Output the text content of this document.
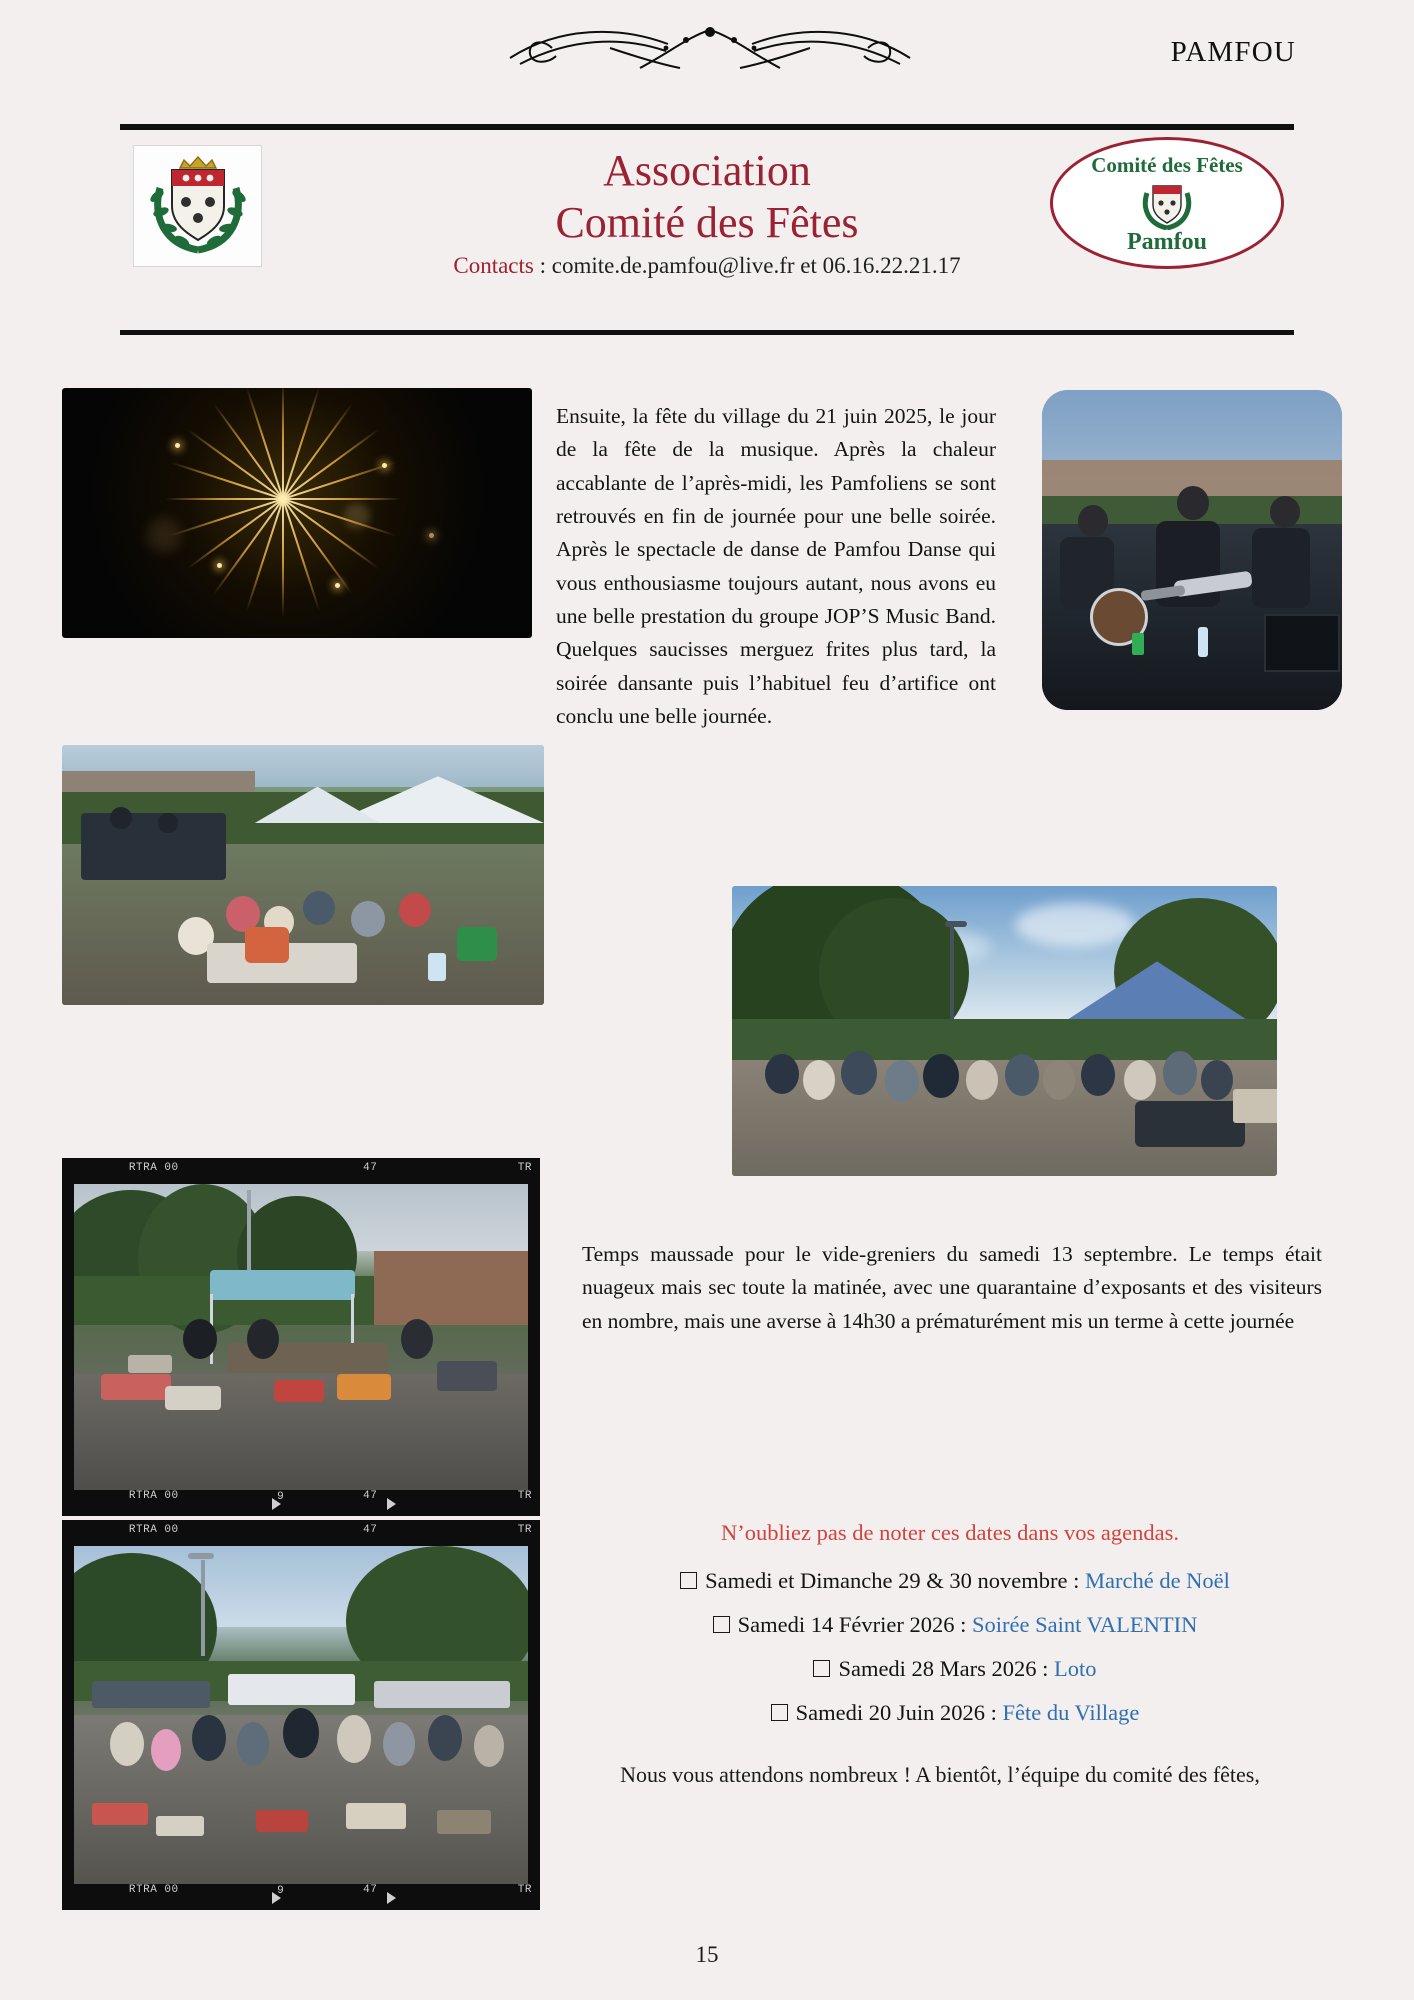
PAMFOU
Association
Comité des Fêtes
Contacts : comite.de.pamfou@live.fr et 06.16.22.21.17
Comité des Fêtes
Pamfou
RTRA 00	47	TR
RTRA 00	47	TR
9
RTRA 00	47	TR
RTRA 00	47	TR
9
Ensuite, la fête du village du 21 juin 2025, le jour de la fête de la musique. Après la chaleur accablante de l’après-midi, les Pamfoliens se sont retrouvés en fin de journée pour une belle soirée. Après le spectacle de danse de Pamfou Danse qui vous enthousiasme toujours autant, nous avons eu une belle prestation du groupe JOP’S Music Band. Quelques saucisses merguez frites plus tard, la soirée dansante puis l’habituel feu d’artifice ont conclu une belle journée.
Temps maussade pour le vide-greniers du samedi 13 septembre. Le temps était nuageux mais sec toute la matinée, avec une quarantaine d’exposants et des visiteurs en nombre, mais une averse à 14h30 a prématurément mis un terme à cette journée
N’oubliez pas de noter ces dates dans vos agendas.
Samedi et Dimanche 29 & 30 novembre : Marché de Noël
Samedi 14 Février 2026 : Soirée Saint VALENTIN
Samedi 28 Mars 2026 : Loto
Samedi 20 Juin 2026 : Fête du Village
Nous vous attendons nombreux ! A bientôt, l’équipe du comité des fêtes,
15
